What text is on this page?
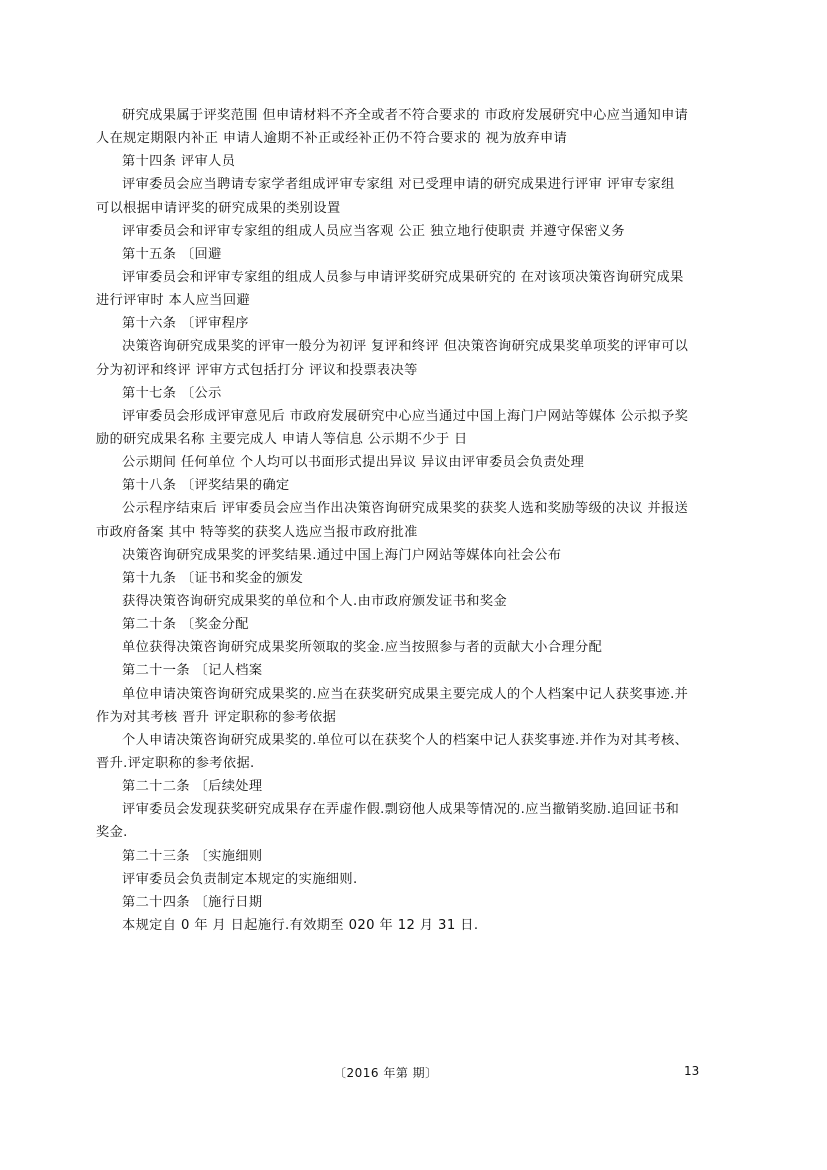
研究成果属于评奖范围 但申请材料不齐全或者不符合要求的 市政府发展研究中心应当通知申请
人在规定期限内补正 申请人逾期不补正或经补正仍不符合要求的 视为放弃申请
第十四条 评审人员
评审委员会应当聘请专家学者组成评审专家组 对已受理申请的研究成果进行评审 评审专家组
可以根据申请评奖的研究成果的类别设置
评审委员会和评审专家组的组成人员应当客观 公正 独立地行使职责 并遵守保密义务
第十五条 〔回避
评审委员会和评审专家组的组成人员参与申请评奖研究成果研究的 在对该项决策咨询研究成果
进行评审时 本人应当回避
第十六条 〔评审程序
决策咨询研究成果奖的评审一般分为初评 复评和终评 但决策咨询研究成果奖单项奖的评审可以
分为初评和终评 评审方式包括打分 评议和投票表决等
第十七条 〔公示
评审委员会形成评审意见后 市政府发展研究中心应当通过中国上海门户网站等媒体 公示拟予奖
励的研究成果名称 主要完成人 申请人等信息 公示期不少于 日
公示期间 任何单位 个人均可以书面形式提出异议 异议由评审委员会负责处理
第十八条 〔评奖结果的确定
公示程序结束后 评审委员会应当作出决策咨询研究成果奖的获奖人选和奖励等级的决议 并报送
市政府备案 其中 特等奖的获奖人选应当报市政府批准
决策咨询研究成果奖的评奖结果.通过中国上海门户网站等媒体向社会公布
第十九条 〔证书和奖金的颁发
获得决策咨询研究成果奖的单位和个人.由市政府颁发证书和奖金
第二十条 〔奖金分配
单位获得决策咨询研究成果奖所领取的奖金.应当按照参与者的贡献大小合理分配
第二十一条 〔记人档案
单位申请决策咨询研究成果奖的.应当在获奖研究成果主要完成人的个人档案中记人获奖事迹.并
作为对其考核 晋升 评定职称的参考依据
个人申请决策咨询研究成果奖的.单位可以在获奖个人的档案中记人获奖事迹.并作为对其考核、
晋升.评定职称的参考依据.
第二十二条 〔后续处理
评审委员会发现获奖研究成果存在弄虚作假.剽窃他人成果等情况的.应当撤销奖励.追回证书和
奖金.
第二十三条 〔实施细则
评审委员会负责制定本规定的实施细则.
第二十四条 〔施行日期
本规定自 0 年 月 日起施行.有效期至 020 年 12 月 31 日.
〔2016 年第 期〕	13
